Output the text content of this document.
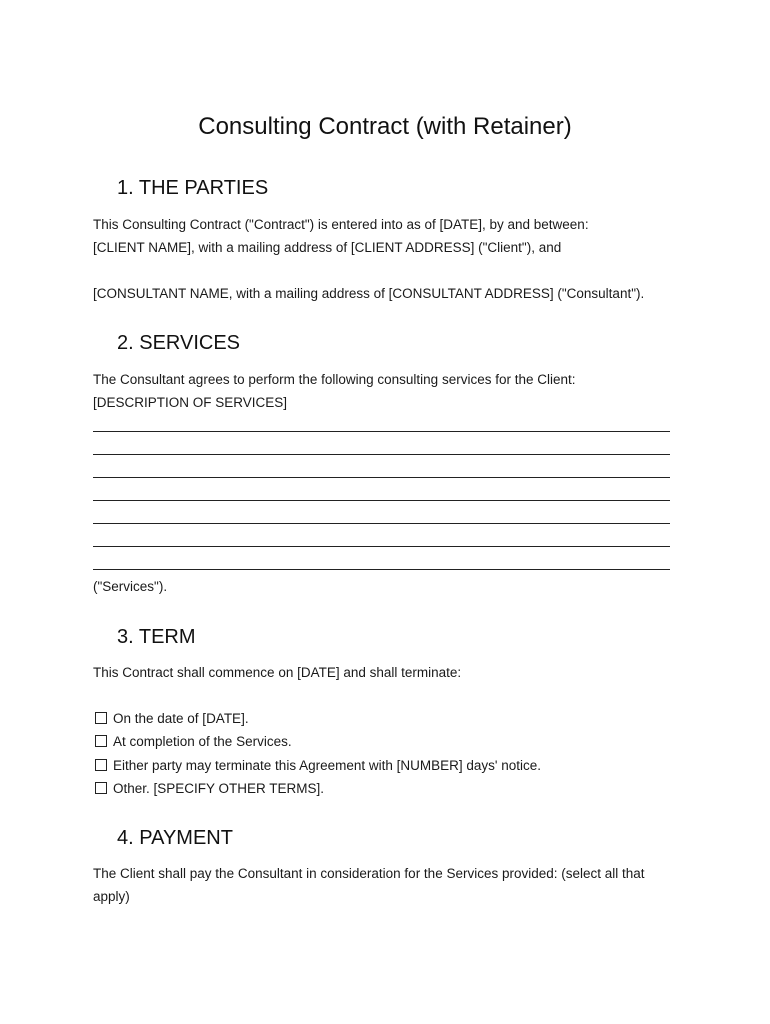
Consulting Contract (with Retainer)
1. THE PARTIES
This Consulting Contract ("Contract") is entered into as of [DATE], by and between:
[CLIENT NAME], with a mailing address of [CLIENT ADDRESS] ("Client"), and
[CONSULTANT NAME, with a mailing address of [CONSULTANT ADDRESS] ("Consultant").
2. SERVICES
The Consultant agrees to perform the following consulting services for the Client:
[DESCRIPTION OF SERVICES]
("Services").
3. TERM
This Contract shall commence on [DATE] and shall terminate:
On the date of [DATE].
At completion of the Services.
Either party may terminate this Agreement with [NUMBER] days' notice.
Other. [SPECIFY OTHER TERMS].
4. PAYMENT
The Client shall pay the Consultant in consideration for the Services provided: (select all that apply)
